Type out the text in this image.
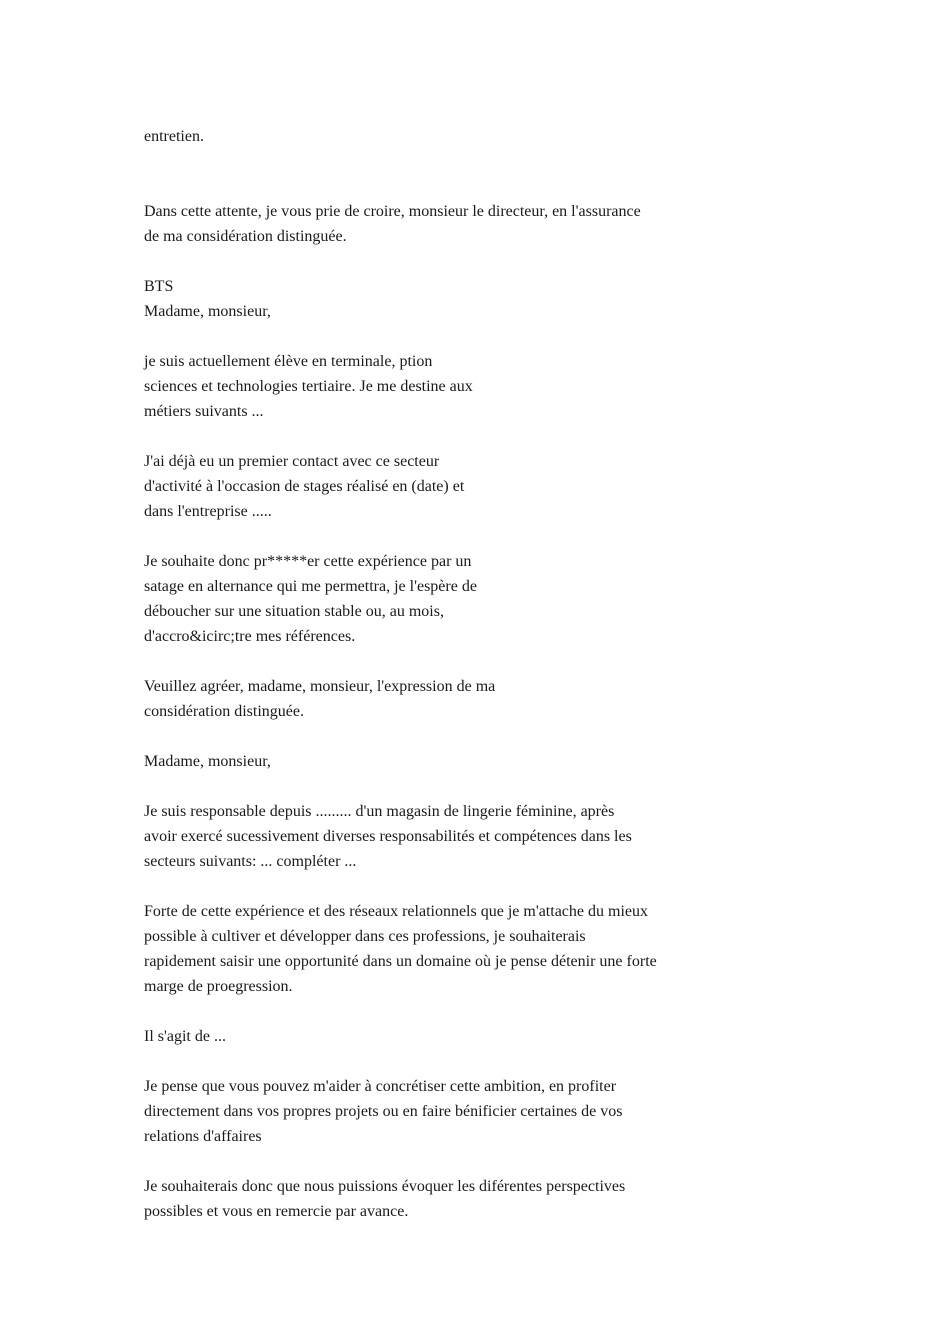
entretien.
Dans cette attente, je vous prie de croire, monsieur le directeur, en l'assurance
de ma considération distinguée.
BTS
Madame, monsieur,
je suis actuellement élève en terminale, ption
sciences et technologies tertiaire. Je me destine aux
métiers suivants ...
J'ai déjà eu un premier contact avec ce secteur
d'activité à l'occasion de stages réalisé en (date) et
dans l'entreprise .....
Je souhaite donc pr*****er cette expérience par un
satage en alternance qui me permettra, je l'espère de
déboucher sur une situation stable ou, au mois,
d'accro&icirc;tre mes références.
Veuillez agréer, madame, monsieur, l'expression de ma
considération distinguée.
Madame, monsieur,
Je suis responsable depuis ......... d'un magasin de lingerie féminine, après
avoir exercé sucessivement diverses responsabilités et compétences dans les
secteurs suivants: ... compléter ...
Forte de cette expérience et des réseaux relationnels que je m'attache du mieux
possible à cultiver et développer dans ces professions, je souhaiterais
rapidement saisir une opportunité dans un domaine où je pense détenir une forte
marge de proegression.
Il s'agit de ...
Je pense que vous pouvez m'aider à concrétiser cette ambition, en profiter
directement dans vos propres projets ou en faire bénificier certaines de vos
relations d'affaires
Je souhaiterais donc que nous puissions évoquer les diférentes perspectives
possibles et vous en remercie par avance.
